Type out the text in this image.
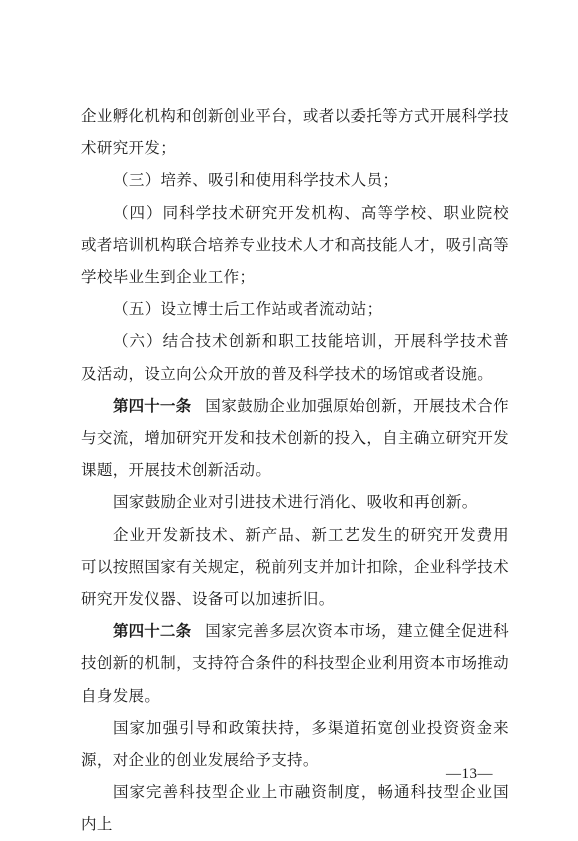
企业孵化机构和创新创业平台，或者以委托等方式开展科学技术研究开发；

（三）培养、吸引和使用科学技术人员；

（四）同科学技术研究开发机构、高等学校、职业院校或者培训机构联合培养专业技术人才和高技能人才，吸引高等学校毕业生到企业工作；

（五）设立博士后工作站或者流动站；

（六）结合技术创新和职工技能培训，开展科学技术普及活动，设立向公众开放的普及科学技术的场馆或者设施。

第四十一条 国家鼓励企业加强原始创新，开展技术合作与交流，增加研究开发和技术创新的投入，自主确立研究开发课题，开展技术创新活动。

国家鼓励企业对引进技术进行消化、吸收和再创新。

企业开发新技术、新产品、新工艺发生的研究开发费用可以按照国家有关规定，税前列支并加计扣除，企业科学技术研究开发仪器、设备可以加速折旧。

第四十二条 国家完善多层次资本市场，建立健全促进科技创新的机制，支持符合条件的科技型企业利用资本市场推动自身发展。

国家加强引导和政策扶持，多渠道拓宽创业投资资金来源，对企业的创业发展给予支持。

国家完善科技型企业上市融资制度，畅通科技型企业国内上

—13—
